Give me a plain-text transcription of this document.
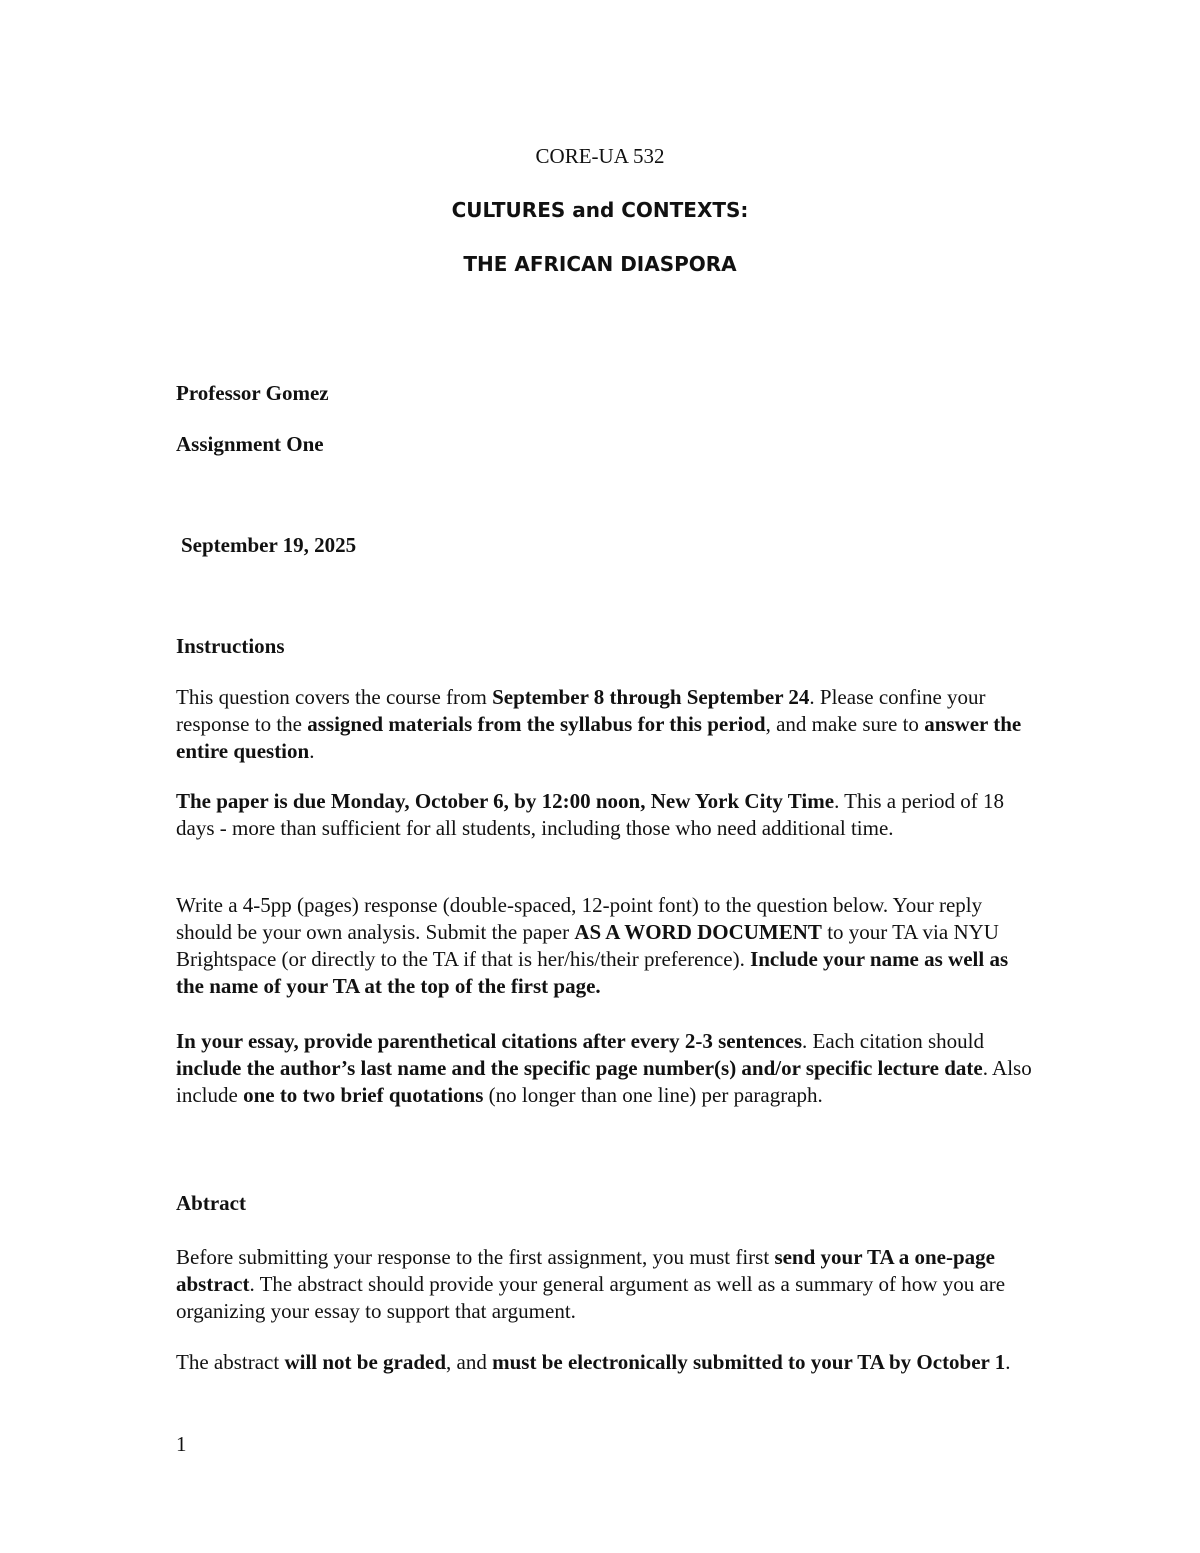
CORE-UA 532
CULTURES and CONTEXTS:
THE AFRICAN DIASPORA
Professor Gomez
Assignment One
September 19, 2025
Instructions
This question covers the course from September 8 through September 24. Please confine your response to the assigned materials from the syllabus for this period, and make sure to answer the entire question.
The paper is due Monday, October 6, by 12:00 noon, New York City Time. This a period of 18 days - more than sufficient for all students, including those who need additional time.
Write a 4-5pp (pages) response (double-spaced, 12-point font) to the question below. Your reply should be your own analysis. Submit the paper AS A WORD DOCUMENT to your TA via NYU Brightspace (or directly to the TA if that is her/his/their preference). Include your name as well as the name of your TA at the top of the first page.
In your essay, provide parenthetical citations after every 2-3 sentences. Each citation should include the author’s last name and the specific page number(s) and/or specific lecture date. Also include one to two brief quotations (no longer than one line) per paragraph.
Abtract
Before submitting your response to the first assignment, you must first send your TA a one-page abstract. The abstract should provide your general argument as well as a summary of how you are organizing your essay to support that argument.
The abstract will not be graded, and must be electronically submitted to your TA by October 1.
1
